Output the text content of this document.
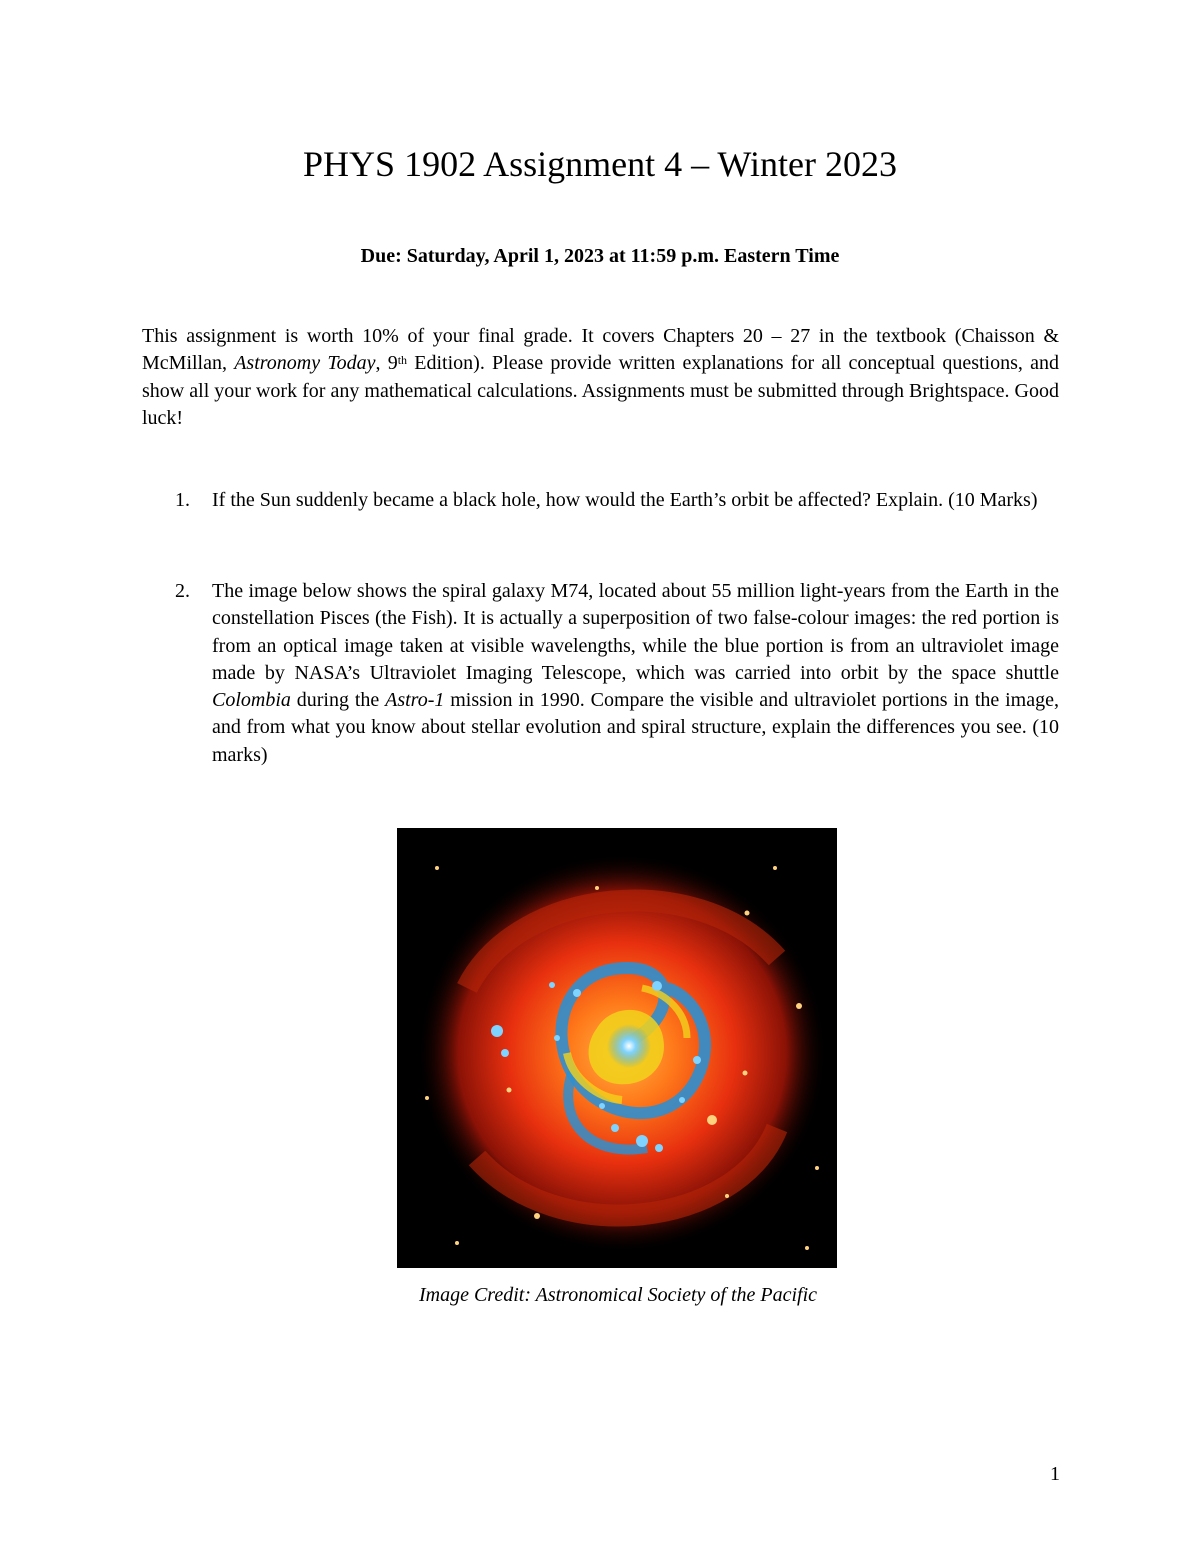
PHYS 1902 Assignment 4 – Winter 2023
Due: Saturday, April 1, 2023 at 11:59 p.m. Eastern Time
This assignment is worth 10% of your final grade. It covers Chapters 20 – 27 in the textbook (Chaisson & McMillan, Astronomy Today, 9th Edition). Please provide written explanations for all conceptual questions, and show all your work for any mathematical calculations. Assignments must be submitted through Brightspace. Good luck!
1. If the Sun suddenly became a black hole, how would the Earth’s orbit be affected? Explain. (10 Marks)
2. The image below shows the spiral galaxy M74, located about 55 million light-years from the Earth in the constellation Pisces (the Fish). It is actually a superposition of two false-colour images: the red portion is from an optical image taken at visible wavelengths, while the blue portion is from an ultraviolet image made by NASA’s Ultraviolet Imaging Telescope, which was carried into orbit by the space shuttle Colombia during the Astro-1 mission in 1990. Compare the visible and ultraviolet portions in the image, and from what you know about stellar evolution and spiral structure, explain the differences you see. (10 marks)
Image Credit: Astronomical Society of the Pacific
1
